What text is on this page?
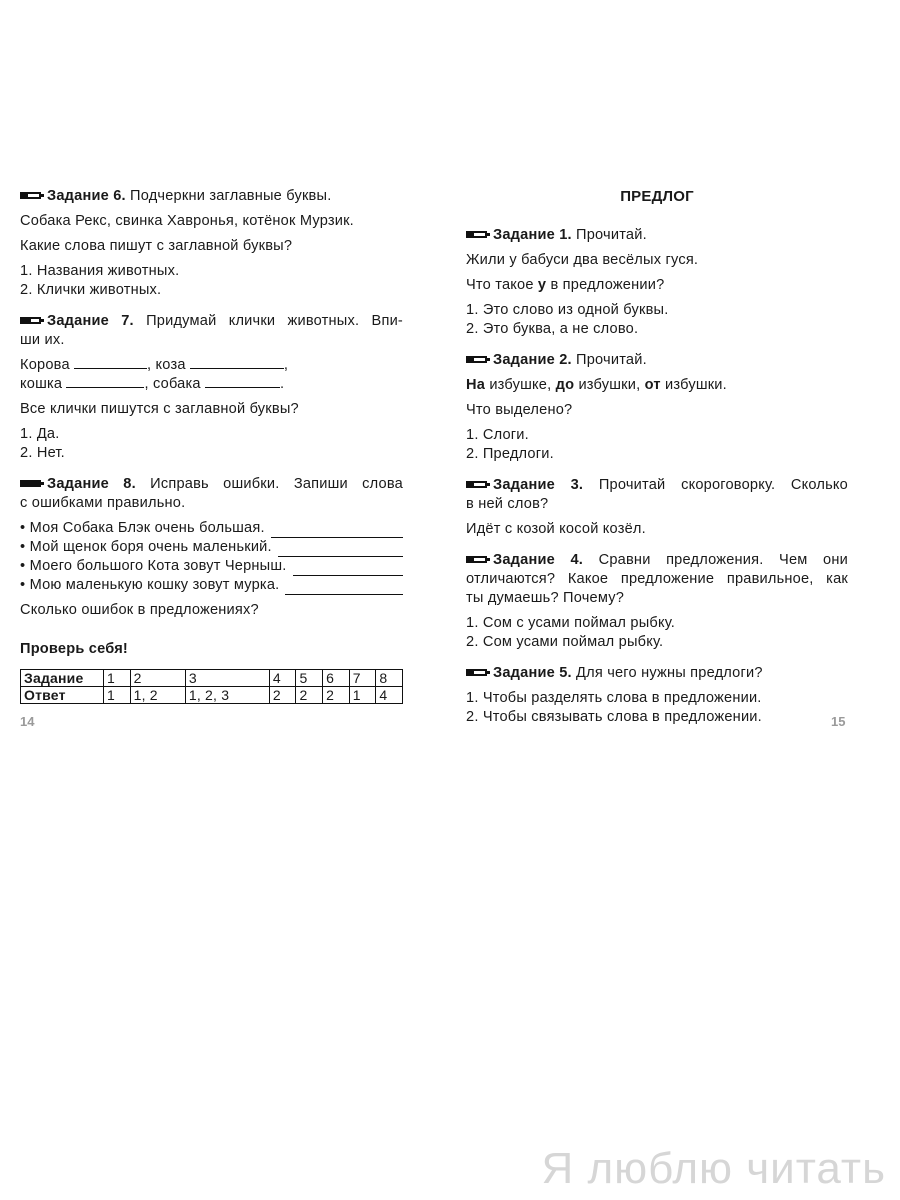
Задание 6. Подчеркни заглавные буквы.

Собака Рекс, свинка Хавронья, котёнок Мурзик.

Какие слова пишут с заглавной буквы?

1. Названия животных.

2. Клички животных.

Задание 7. Придумай клички животных. Впи-

ши их.

Корова	, коза	,

кошка	, собака	.

Все клички пишутся с заглавной буквы?

1. Да.

2. Нет.

Задание 8. Исправь ошибки. Запиши слова

с ошибками правильно.

• Моя Собака Блэк очень большая.
• Мой щенок боря очень маленький.
• Моего большого Кота зовут Черныш.
• Мою маленькую кошку зовут мурка.

Сколько ошибок в предложениях?

Проверь себя!

Задание	1	2	3	4	5	6	7	8
Ответ	1	1, 2	1, 2, 3	2	2	2	1	4
14

ПРЕДЛОГ

Задание 1. Прочитай.

Жили у бабуси два весёлых гуся.

Что такое у в предложении?

1. Это слово из одной буквы.

2. Это буква, а не слово.

Задание 2. Прочитай.

На избушке, до избушки, от избушки.

Что выделено?

1. Слоги.

2. Предлоги.

Задание 3. Прочитай скороговорку. Сколько

в ней слов?

Идёт с козой косой козёл.

Задание 4. Сравни предложения. Чем они

отличаются? Какое предложение правильное, как

ты думаешь? Почему?

1. Сом с усами поймал рыбку.

2. Сом усами поймал рыбку.

Задание 5. Для чего нужны предлоги?

1. Чтобы разделять слова в предложении.

2. Чтобы связывать слова в предложении.	15
Я люблю читать
